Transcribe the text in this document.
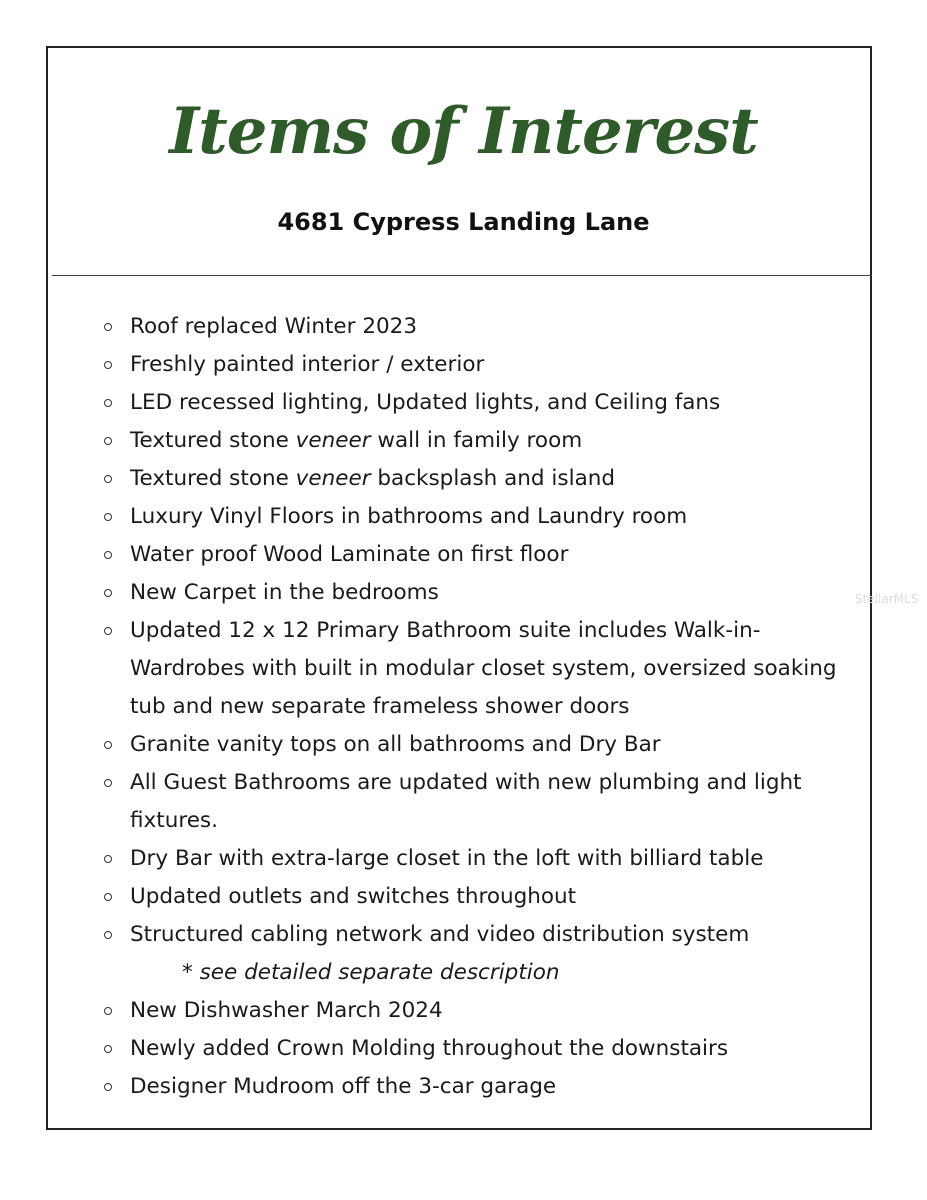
Items of Interest
4681 Cypress Landing Lane
Roof replaced Winter 2023
Freshly painted interior / exterior
LED recessed lighting, Updated lights, and Ceiling fans
Textured stone veneer wall in family room
Textured stone veneer backsplash and island
Luxury Vinyl Floors in bathrooms and Laundry room
Water proof Wood Laminate on first floor
New Carpet in the bedrooms
Updated 12 x 12 Primary Bathroom suite includes Walk-in-
Wardrobes with built in modular closet system, oversized soaking
tub and new separate frameless shower doors
Granite vanity tops on all bathrooms and Dry Bar
All Guest Bathrooms are updated with new plumbing and light
fixtures.
Dry Bar with extra-large closet in the loft with billiard table
Updated outlets and switches throughout
Structured cabling network and video distribution system
* see detailed separate description
New Dishwasher March 2024
Newly added Crown Molding throughout the downstairs
Designer Mudroom off the 3-car garage
StellarMLS
